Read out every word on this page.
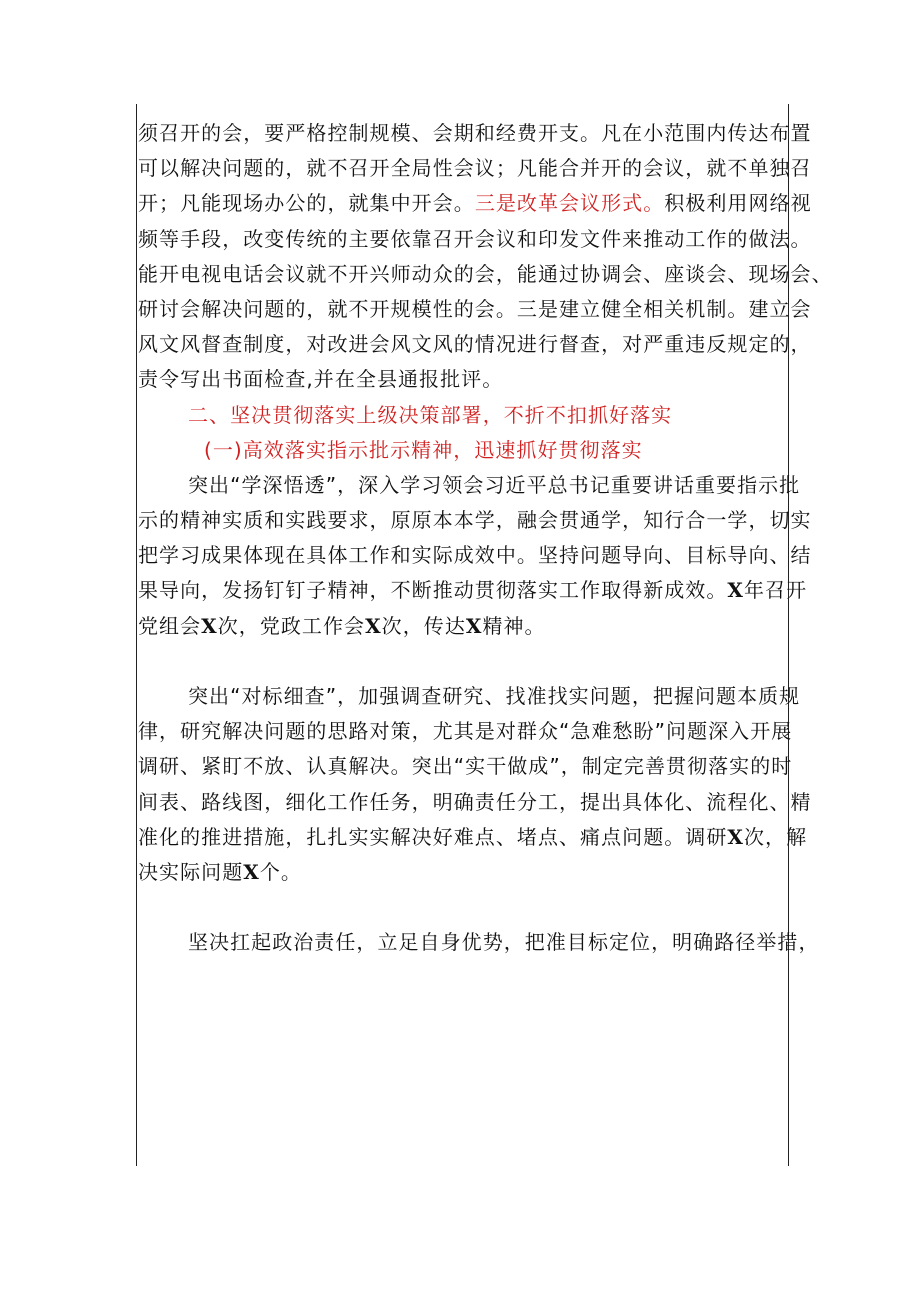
须召开的会，要严格控制规模、会期和经费开支。凡在小范围内传达布置
可以解决问题的，就不召开全局性会议；凡能合并开的会议，就不单独召
开；凡能现场办公的，就集中开会。三是改革会议形式。积极利用网络视
频等手段，改变传统的主要依靠召开会议和印发文件来推动工作的做法。
能开电视电话会议就不开兴师动众的会，能通过协调会、座谈会、现场会、
研讨会解决问题的，就不开规模性的会。三是建立健全相关机制。建立会
风文风督查制度，对改进会风文风的情况进行督查，对严重违反规定的，
责令写出书面检查,并在全县通报批评。
二、坚决贯彻落实上级决策部署，不折不扣抓好落实
(一)高效落实指示批示精神，迅速抓好贯彻落实
突出“学深悟透”，深入学习领会习近平总书记重要讲话重要指示批
示的精神实质和实践要求，原原本本学，融会贯通学，知行合一学，切实
把学习成果体现在具体工作和实际成效中。坚持问题导向、目标导向、结
果导向，发扬钉钉子精神，不断推动贯彻落实工作取得新成效。X年召开
党组会X次，党政工作会X次，传达X精神。
突出“对标细查”，加强调查研究、找准找实问题，把握问题本质规
律，研究解决问题的思路对策，尤其是对群众“急难愁盼”问题深入开展
调研、紧盯不放、认真解决。突出“实干做成”，制定完善贯彻落实的时
间表、路线图，细化工作任务，明确责任分工，提出具体化、流程化、精
准化的推进措施，扎扎实实解决好难点、堵点、痛点问题。调研X次，解
决实际问题X个。
坚决扛起政治责任，立足自身优势，把准目标定位，明确路径举措，
